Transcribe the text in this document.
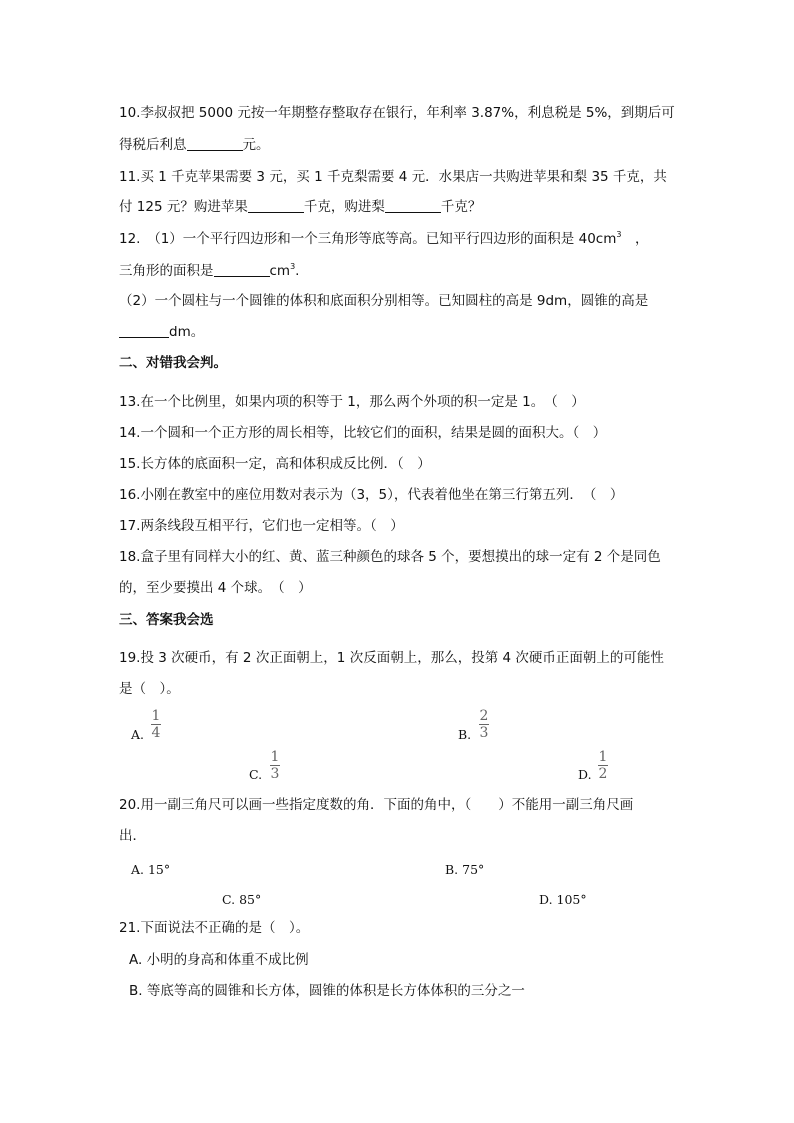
10.李叔叔把 5000 元按一年期整存整取存在银行，年利率 3.87%，利息税是 5%，到期后可
得税后利息	元。
11.买 1 千克苹果需要 3 元，买 1 千克梨需要 4 元．水果店一共购进苹果和梨 35 千克，共
付 125 元？购进苹果	千克，购进梨	千克？
12.　（1）一个平行四边形和一个三角形等底等高。已知平行四边形的面积是 $40cm^3$　，
三角形的面积是	$cm^3$.
（2）一个圆柱与一个圆锥的体积和底面积分别相等。已知圆柱的高是 9dm，圆锥的高是
dm。
二、对错我会判。
13.在一个比例里，如果内项的积等于 1，那么两个外项的积一定是 1。　（　）
14.一个圆和一个正方形的周长相等，比较它们的面积，结果是圆的面积大。（　）
15.长方体的底面积一定，高和体积成反比例．（　）
16.小刚在教室中的座位用数对表示为（3，5），代表着他坐在第三行第五列．　（　）
17.两条线段互相平行，它们也一定相等。（　）
18.盒子里有同样大小的红、黄、蓝三种颜色的球各 5 个，要想摸出的球一定有 2 个是同色
的，至少要摸出 4 个球。　（　）
三、答案我会选
19.投 3 次硬币，有 2 次正面朝上，1 次反面朝上，那么，投第 4 次硬币正面朝上的可能性
是（　）。
A.
1
4	B.
2
3
C.
1
3	D.
1
2
20.用一副三角尺可以画一些指定度数的角．下面的角中，（　　）不能用一副三角尺画
出．
A. 15°	B. 75°
C. 85°	D. 105°
21.下面说法不正确的是（　）。
A. 小明的身高和体重不成比例
B. 等底等高的圆锥和长方体，圆锥的体积是长方体体积的三分之一
